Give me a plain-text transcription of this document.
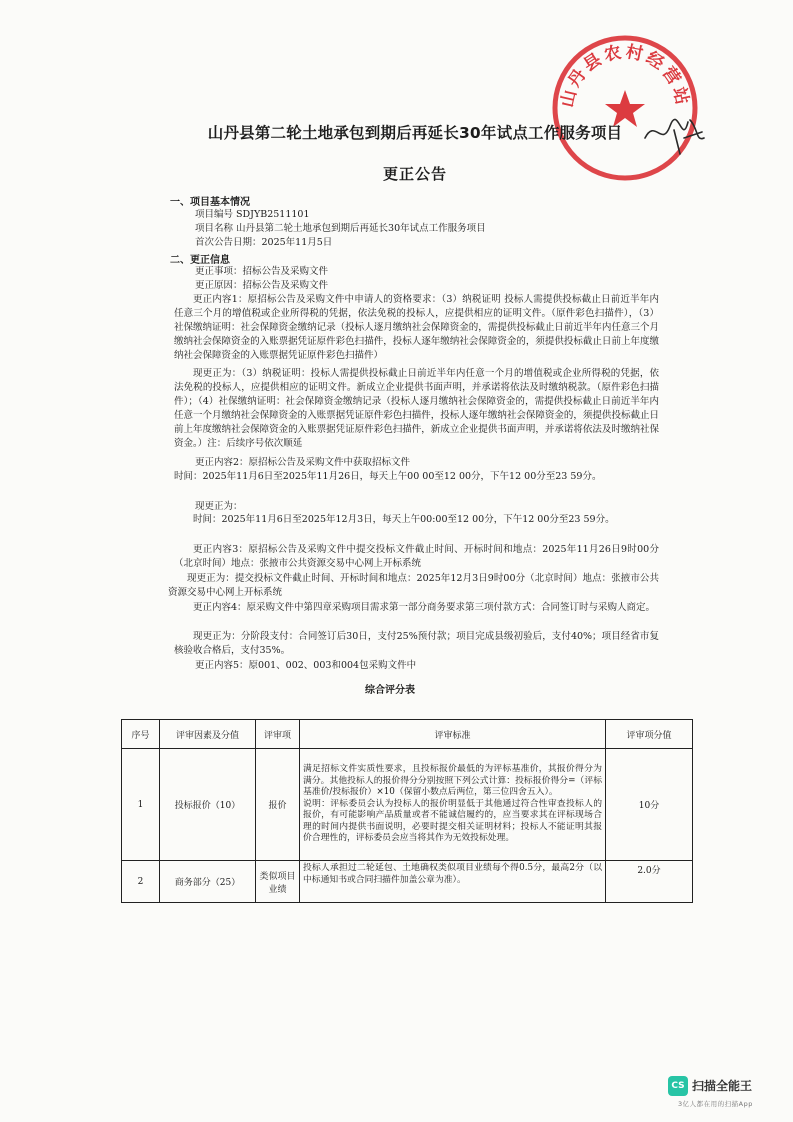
山丹县农村经营站
山丹县第二轮土地承包到期后再延长30年试点工作服务项目
更正公告
一、项目基本情况
项目编号 SDJYB2511101
项目名称 山丹县第二轮土地承包到期后再延长30年试点工作服务项目
首次公告日期：2025年11月5日
二、更正信息
更正事项：招标公告及采购文件
更正原因：招标公告及采购文件
更正内容1：原招标公告及采购文件中申请人的资格要求：（3）纳税证明 投标人需提供投标截止日前近半年内任意三个月的增值税或企业所得税的凭据，依法免税的投标人，应提供相应的证明文件。（原件彩色扫描件），（3）社保缴纳证明：社会保障资金缴纳记录（投标人逐月缴纳社会保障资金的，需提供投标截止日前近半年内任意三个月缴纳社会保障资金的入账票据凭证原件彩色扫描件，投标人逐年缴纳社会保障资金的，须提供投标截止日前上年度缴纳社会保障资金的入账票据凭证原件彩色扫描件）
现更正为：（3）纳税证明：投标人需提供投标截止日前近半年内任意一个月的增值税或企业所得税的凭据，依法免税的投标人，应提供相应的证明文件。新成立企业提供书面声明，并承诺将依法及时缴纳税款。（原件彩色扫描件）；（4）社保缴纳证明：社会保障资金缴纳记录（投标人逐月缴纳社会保障资金的，需提供投标截止日前近半年内任意一个月缴纳社会保障资金的入账票据凭证原件彩色扫描件，投标人逐年缴纳社会保障资金的，须提供投标截止日前上年度缴纳社会保障资金的入账票据凭证原件彩色扫描件，新成立企业提供书面声明，并承诺将依法及时缴纳社保资金。）注：后续序号依次顺延
更正内容2：原招标公告及采购文件中获取招标文件
时间：2025年11月6日至2025年11月26日，每天上午00 00至12 00分，下午12 00分至23 59分。
现更正为：
时间：2025年11月6日至2025年12月3日，每天上午00:00至12 00分，下午12 00分至23 59分。
更正内容3：原招标公告及采购文件中提交投标文件截止时间、开标时间和地点：2025年11月26日9时00分（北京时间）地点：张掖市公共资源交易中心网上开标系统
现更正为：提交投标文件截止时间、开标时间和地点：2025年12月3日9时00分（北京时间）地点：张掖市公共资源交易中心网上开标系统
更正内容4：原采购文件中第四章采购项目需求第一部分商务要求第三项付款方式：合同签订时与采购人商定。
现更正为：分阶段支付：合同签订后30日，支付25%预付款；项目完成县级初验后，支付40%；项目经省市复核验收合格后，支付35%。
更正内容5：原001、002、003和004包采购文件中
综合评分表
序号	评审因素及分值	评审项	评审标准	评审项分值
1	投标报价（10）	报价	满足招标文件实质性要求，且投标报价最低的为评标基准价，其报价得分为满分。其他投标人的报价得分分别按照下列公式计算：投标报价得分=（评标基准价/投标报价）×10（保留小数点后两位，第三位四舍五入）。
说明：评标委员会认为投标人的报价明显低于其他通过符合性审查投标人的报价，有可能影响产品质量或者不能诚信履约的，应当要求其在评标现场合理的时间内提供书面说明，必要时提交相关证明材料；投标人不能证明其报价合理性的，评标委员会应当将其作为无效投标处理。	10分
2	商务部分（25）	类似项目业绩	投标人承担过二轮延包、土地确权类似项目业绩每个得0.5分，最高2分（以中标通知书或合同扫描件加盖公章为准）。	2.0分
CS 扫描全能王
3亿人都在用的扫描App
